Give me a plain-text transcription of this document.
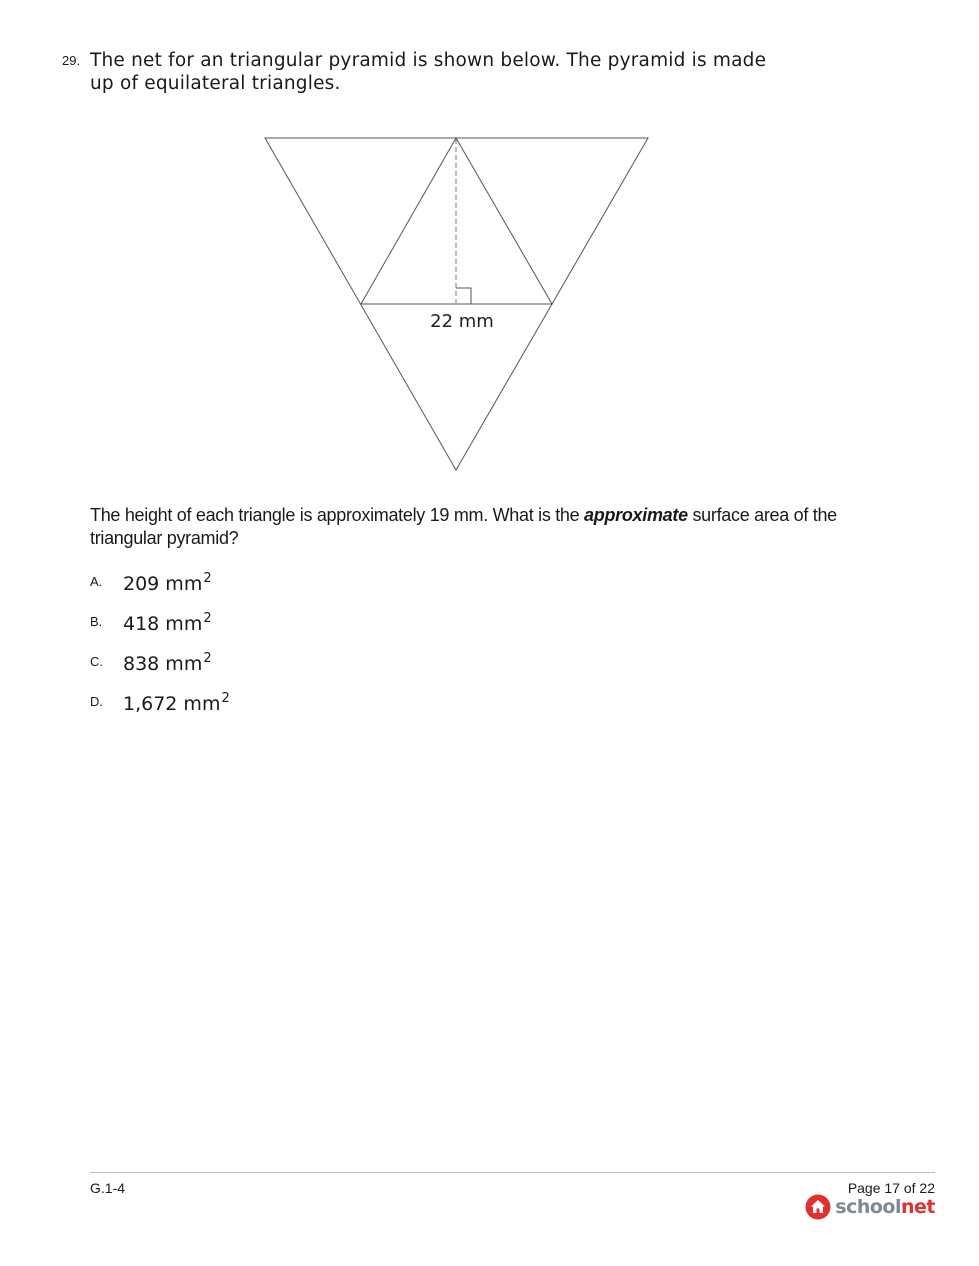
29. The net for an triangular pyramid is shown below. The pyramid is made
up of equilateral triangles.
22 mm
The height of each triangle is approximately 19 mm. What is the approximate surface area of the triangular pyramid?
A.	209 $mm^2$
B.	418 $mm^2$
C.	838 $mm^2$
D.	1,672 $mm^2$
G.1-4	Page 17 of 22
schoolnet
